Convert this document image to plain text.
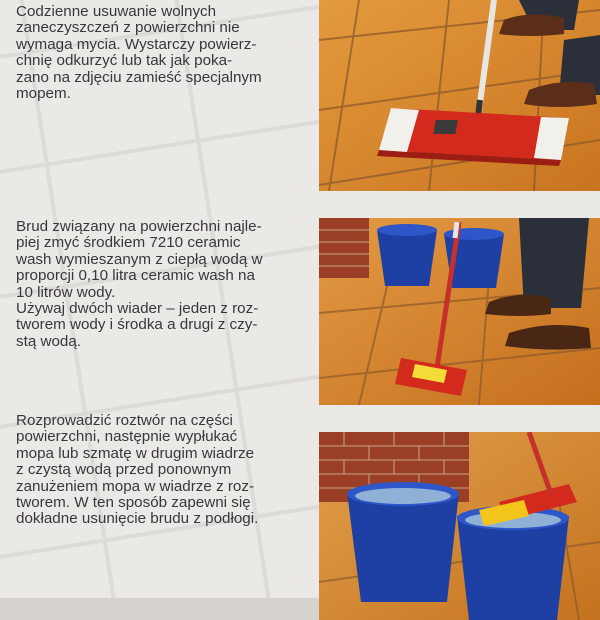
Codzienne usuwanie wolnych
zaneczyszczeń z powierzchni nie
wymaga mycia. Wystarczy powierz-
chnię odkurzyć lub tak jak poka-
zano na zdjęciu zamieść specjalnym
mopem.

Brud związany na powierzchni najle-
piej zmyć środkiem 7210 ceramic
wash wymieszanym z ciepłą wodą w
proporcji 0,10 litra ceramic wash na
10 litrów wody.
Używaj dwóch wiader – jeden z roz-
tworem wody i środka a drugi z czy-
stą wodą.

Rozprowadzić roztwór na części
powierzchni, następnie wypłukać
mopa lub szmatę w drugim wiadrze
z czystą wodą przed ponownym
zanużeniem mopa w wiadrze z roz-
tworem. W ten sposób zapewni się
dokładne usunięcie brudu z podłogi.
